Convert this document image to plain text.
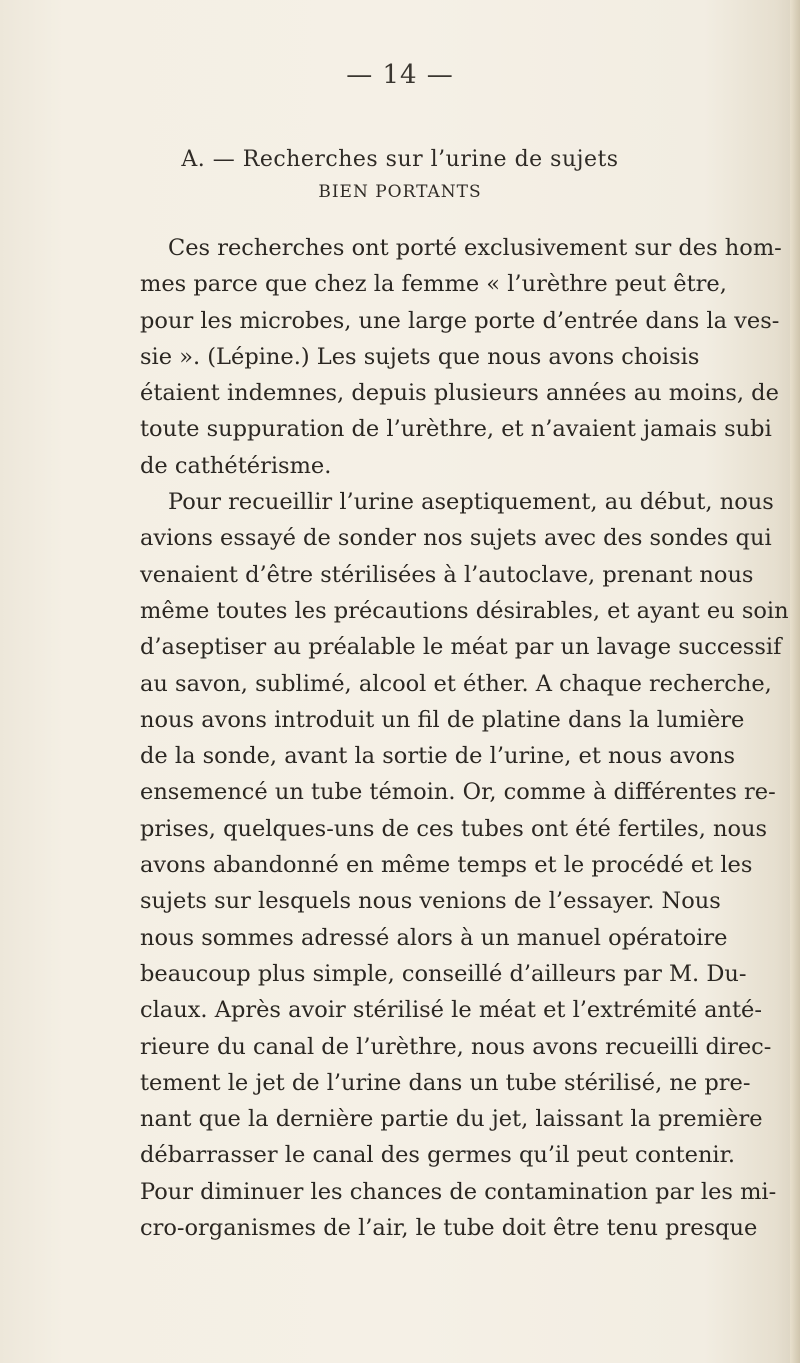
— 14 —
A. — Recherches sur l’urine de sujets
BIEN PORTANTS
Ces recherches ont porté exclusivement sur des hom-
mes parce que chez la femme « l’urèthre peut être,
pour les microbes, une large porte d’entrée dans la ves-
sie ». (Lépine.) Les sujets que nous avons choisis
étaient indemnes, depuis plusieurs années au moins, de
toute suppuration de l’urèthre, et n’avaient jamais subi
de cathétérisme.
Pour recueillir l’urine aseptiquement, au début, nous
avions essayé de sonder nos sujets avec des sondes qui
venaient d’être stérilisées à l’autoclave, prenant nous
même toutes les précautions désirables, et ayant eu soin
d’aseptiser au préalable le méat par un lavage successif
au savon, sublimé, alcool et éther. A chaque recherche,
nous avons introduit un fil de platine dans la lumière
de la sonde, avant la sortie de l’urine, et nous avons
ensemencé un tube témoin. Or, comme à différentes re-
prises, quelques-uns de ces tubes ont été fertiles, nous
avons abandonné en même temps et le procédé et les
sujets sur lesquels nous venions de l’essayer. Nous
nous sommes adressé alors à un manuel opératoire
beaucoup plus simple, conseillé d’ailleurs par M. Du-
claux. Après avoir stérilisé le méat et l’extrémité anté-
rieure du canal de l’urèthre, nous avons recueilli direc-
tement le jet de l’urine dans un tube stérilisé, ne pre-
nant que la dernière partie du jet, laissant la première
débarrasser le canal des germes qu’il peut contenir.
Pour diminuer les chances de contamination par les mi-
cro-organismes de l’air, le tube doit être tenu presque
